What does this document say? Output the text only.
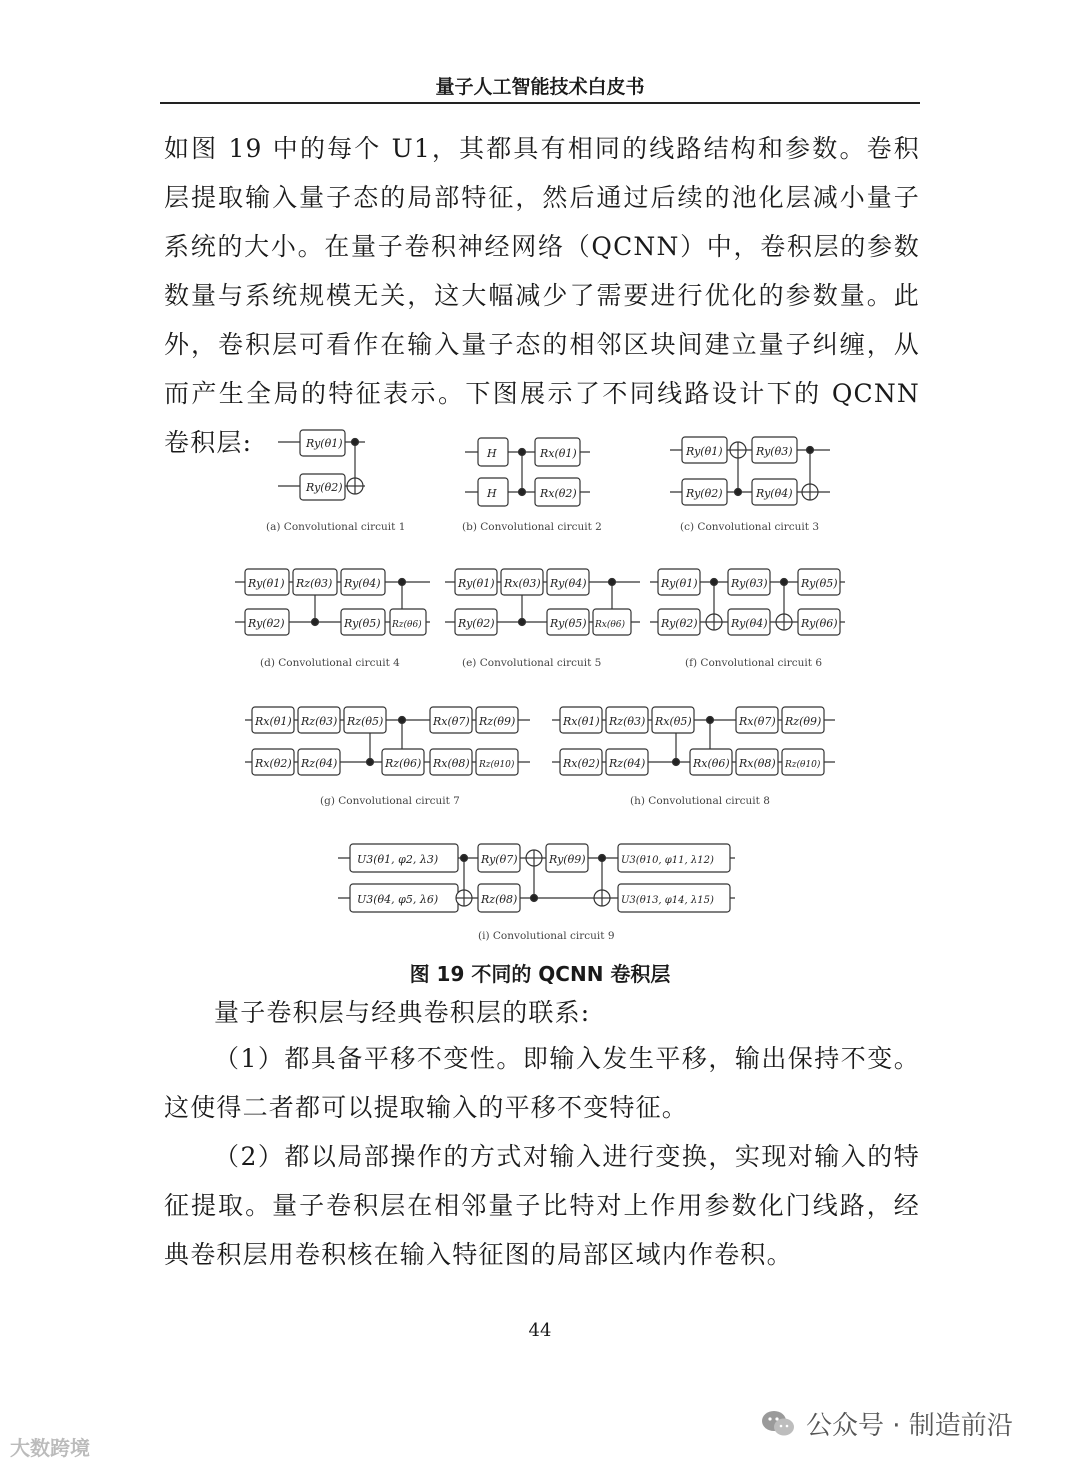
量子人工智能技术白皮书

如图 19 中的每个 U1，其都具有相同的线路结构和参数。卷积层提取输入量子态的局部特征，然后通过后续的池化层减小量子系统的大小。在量子卷积神经网络（QCNN）中，卷积层的参数数量与系统规模无关，这大幅减少了需要进行优化的参数量。此外，卷积层可看作在输入量子态的相邻区块间建立量子纠缠，从而产生全局的特征表示。下图展示了不同线路设计下的 QCNN 卷积层:	Ry(θ1)
Ry(θ2)
(a) Convolutional circuit 1
H
H
Rx(θ1)
Rx(θ2)
(b) Convolutional circuit 2
Ry(θ1)
Ry(θ2)
Ry(θ3)
Ry(θ4)
(c) Convolutional circuit 3
Ry(θ1)
Ry(θ2)
Rz(θ3) Ry(θ4)
Ry(θ5) Rz(θ6)
(d) Convolutional circuit 4
Ry(θ1)
Ry(θ2)
Rx(θ3) Ry(θ4)
Ry(θ5) Rx(θ6)
(e) Convolutional circuit 5
Ry(θ1)
Ry(θ2)
Ry(θ3)
Ry(θ4)
Ry(θ5)
Ry(θ6)
(f) Convolutional circuit 6
Rx(θ1)
Rx(θ2)
Rz(θ3)
Rz(θ4)
Rz(θ5)
Rz(θ6)
Rx(θ7)
Rx(θ8)
Rz(θ9)
Rz(θ10)
(g) Convolutional circuit 7
Rx(θ1)
Rx(θ2)
Rz(θ3)
Rz(θ4)
Rx(θ5)
Rx(θ6)
Rx(θ7)
Rx(θ8)
Rz(θ9)
Rz(θ10)
(h) Convolutional circuit 8
U3(θ1, φ2, λ3)
U3(θ4, φ5, λ6)
Ry(θ7)
Rz(θ8)
Ry(θ9)	U3(θ10, φ11, λ12)
U3(θ13, φ14, λ15)
(i) Convolutional circuit 9
图 19 不同的 QCNN 卷积层

量子卷积层与经典卷积层的联系:

（1）都具备平移不变性。即输入发生平移，输出保持不变。这使得二者都可以提取输入的平移不变特征。

（2）都以局部操作的方式对输入进行变换，实现对输入的特征提取。量子卷积层在相邻量子比特对上作用参数化门线路，经典卷积层用卷积核在输入特征图的局部区域内作卷积。

44
大数跨境
公众号 · 制造前沿
